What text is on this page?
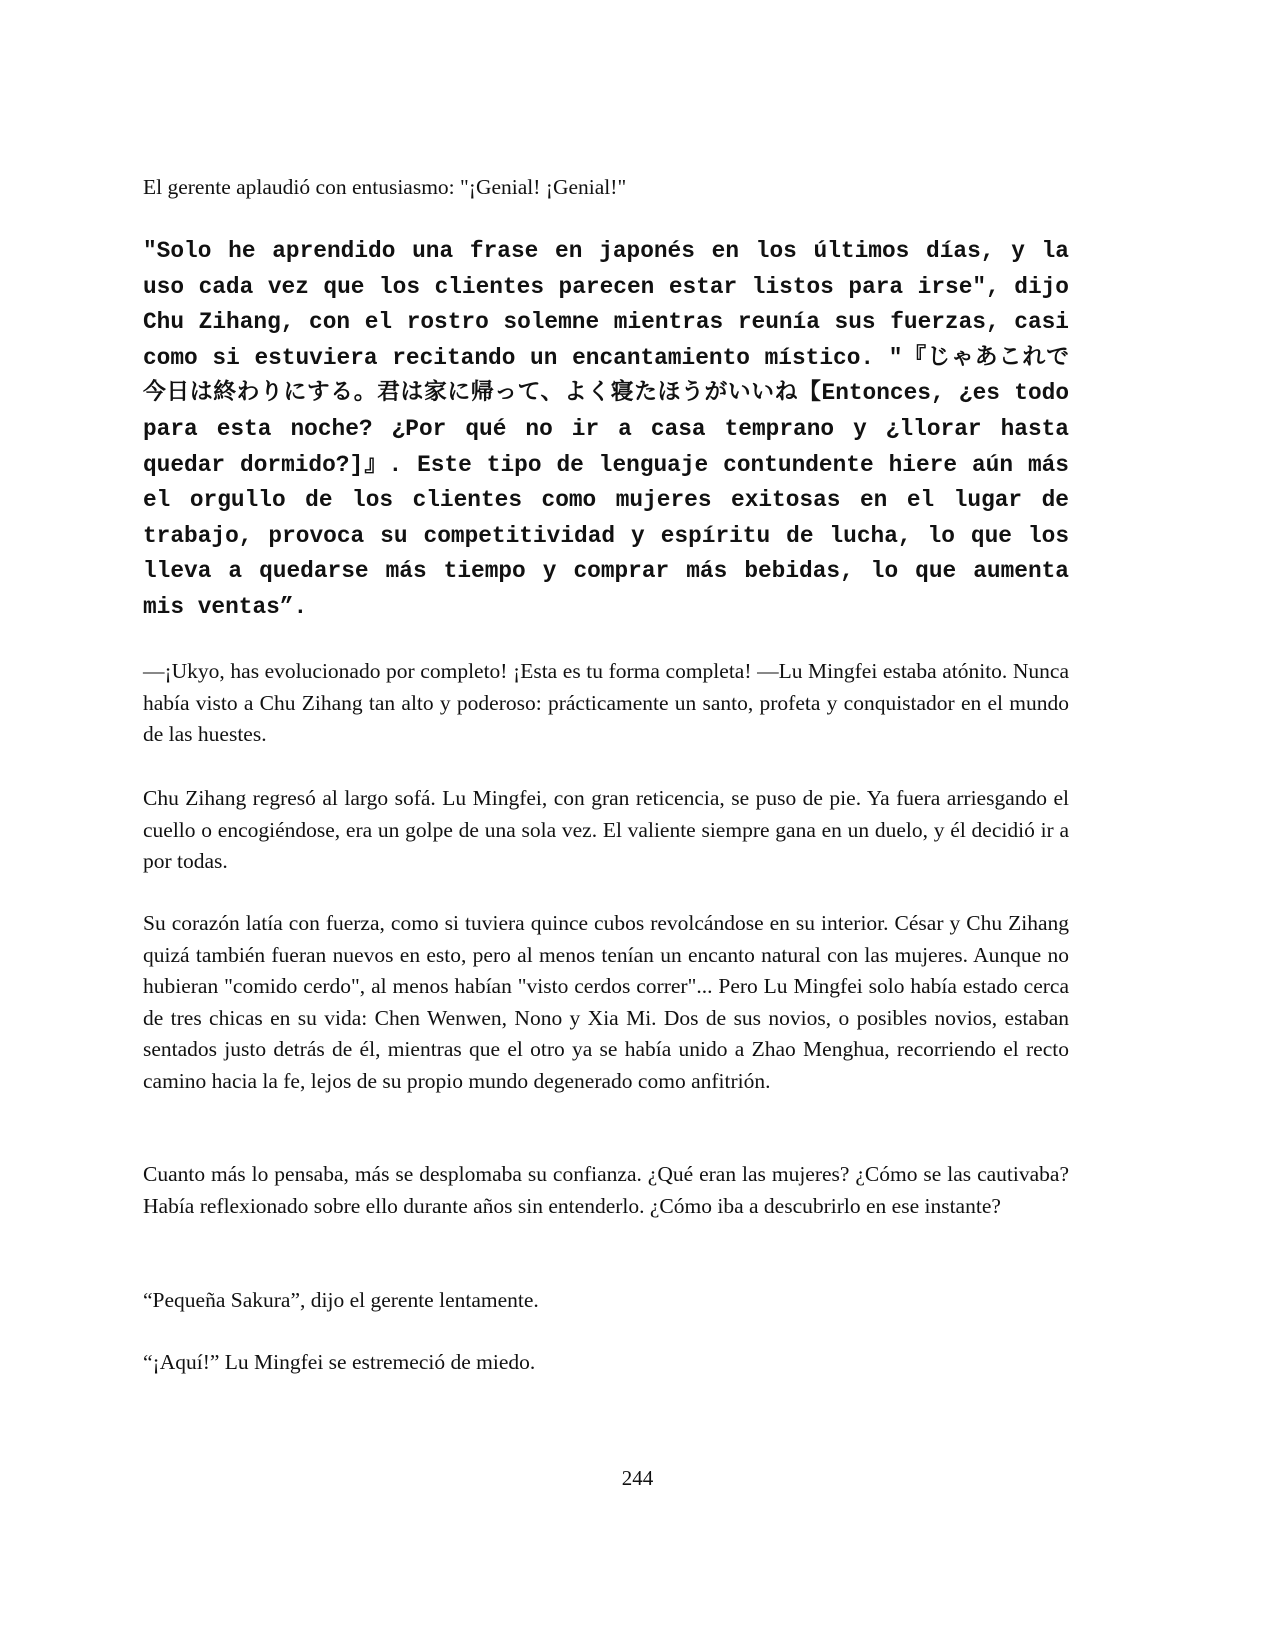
El gerente aplaudió con entusiasmo: "¡Genial! ¡Genial!"

"Solo he aprendido una frase en japonés en los últimos días, y la uso cada vez que los clientes parecen estar listos para irse", dijo Chu Zihang, con el rostro solemne mientras reunía sus fuerzas, casi como si estuviera recitando un encantamiento místico. "『じゃあこれで今日は終わりにする。君は家に帰って、よく寝たほうがいいね【Entonces, ¿es todo para esta noche? ¿Por qué no ir a casa temprano y ¿llorar hasta quedar dormido?]』. Este tipo de lenguaje contundente hiere aún más el orgullo de los clientes como mujeres exitosas en el lugar de trabajo, provoca su competitividad y espíritu de lucha, lo que los lleva a quedarse más tiempo y comprar más bebidas, lo que aumenta mis ventas”.

—¡Ukyo, has evolucionado por completo! ¡Esta es tu forma completa! —Lu Mingfei estaba atónito. Nunca había visto a Chu Zihang tan alto y poderoso: prácticamente un santo, profeta y conquistador en el mundo de las huestes.

Chu Zihang regresó al largo sofá. Lu Mingfei, con gran reticencia, se puso de pie. Ya fuera arriesgando el cuello o encogiéndose, era un golpe de una sola vez. El valiente siempre gana en un duelo, y él decidió ir a por todas.

Su corazón latía con fuerza, como si tuviera quince cubos revolcándose en su interior. César y Chu Zihang quizá también fueran nuevos en esto, pero al menos tenían un encanto natural con las mujeres. Aunque no hubieran "comido cerdo", al menos habían "visto cerdos correr"... Pero Lu Mingfei solo había estado cerca de tres chicas en su vida: Chen Wenwen, Nono y Xia Mi. Dos de sus novios, o posibles novios, estaban sentados justo detrás de él, mientras que el otro ya se había unido a Zhao Menghua, recorriendo el recto camino hacia la fe, lejos de su propio mundo degenerado como anfitrión.

Cuanto más lo pensaba, más se desplomaba su confianza. ¿Qué eran las mujeres? ¿Cómo se las cautivaba? Había reflexionado sobre ello durante años sin entenderlo. ¿Cómo iba a descubrirlo en ese instante?

“Pequeña Sakura”, dijo el gerente lentamente.

“¡Aquí!” Lu Mingfei se estremeció de miedo.

244
